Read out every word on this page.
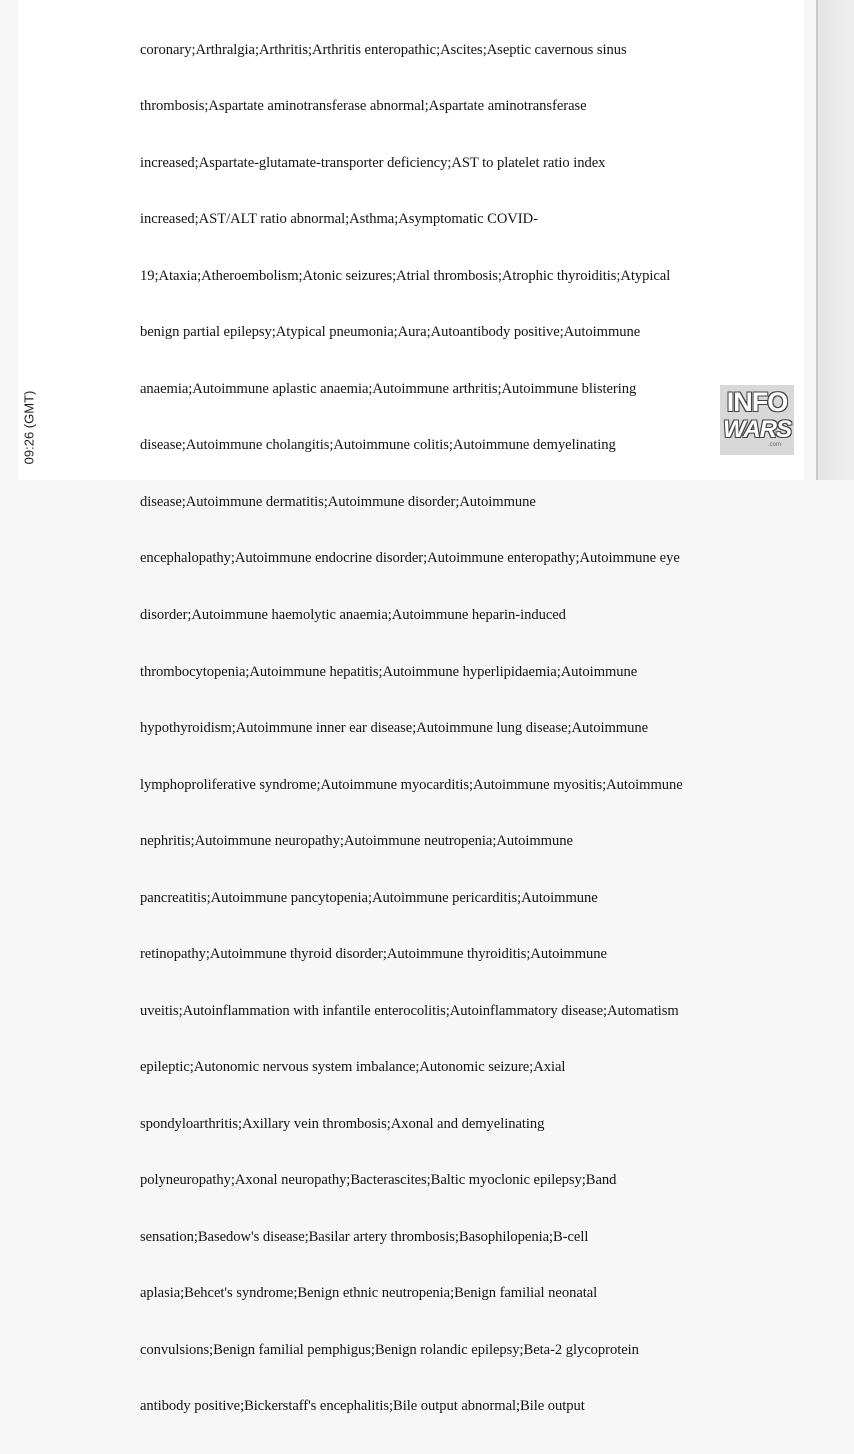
coronary;Arthralgia;Arthritis;Arthritis enteropathic;Ascites;Aseptic cavernous sinus

thrombosis;Aspartate aminotransferase abnormal;Aspartate aminotransferase

increased;Aspartate-glutamate-transporter deficiency;AST to platelet ratio index

increased;AST/ALT ratio abnormal;Asthma;Asymptomatic COVID-

19;Ataxia;Atheroembolism;Atonic seizures;Atrial thrombosis;Atrophic thyroiditis;Atypical

benign partial epilepsy;Atypical pneumonia;Aura;Autoantibody positive;Autoimmune

anaemia;Autoimmune aplastic anaemia;Autoimmune arthritis;Autoimmune blistering

disease;Autoimmune cholangitis;Autoimmune colitis;Autoimmune demyelinating

disease;Autoimmune dermatitis;Autoimmune disorder;Autoimmune

encephalopathy;Autoimmune endocrine disorder;Autoimmune enteropathy;Autoimmune eye

disorder;Autoimmune haemolytic anaemia;Autoimmune heparin-induced

thrombocytopenia;Autoimmune hepatitis;Autoimmune hyperlipidaemia;Autoimmune

hypothyroidism;Autoimmune inner ear disease;Autoimmune lung disease;Autoimmune

lymphoproliferative syndrome;Autoimmune myocarditis;Autoimmune myositis;Autoimmune

nephritis;Autoimmune neuropathy;Autoimmune neutropenia;Autoimmune

pancreatitis;Autoimmune pancytopenia;Autoimmune pericarditis;Autoimmune

retinopathy;Autoimmune thyroid disorder;Autoimmune thyroiditis;Autoimmune

uveitis;Autoinflammation with infantile enterocolitis;Autoinflammatory disease;Automatism

epileptic;Autonomic nervous system imbalance;Autonomic seizure;Axial

spondyloarthritis;Axillary vein thrombosis;Axonal and demyelinating

polyneuropathy;Axonal neuropathy;Bacterascites;Baltic myoclonic epilepsy;Band

sensation;Basedow's disease;Basilar artery thrombosis;Basophilopenia;B-cell

aplasia;Behcet's syndrome;Benign ethnic neutropenia;Benign familial neonatal

convulsions;Benign familial pemphigus;Benign rolandic epilepsy;Beta-2 glycoprotein

antibody positive;Bickerstaff's encephalitis;Bile output abnormal;Bile output

09:26 (GMT)	INFO
WARS
.com
